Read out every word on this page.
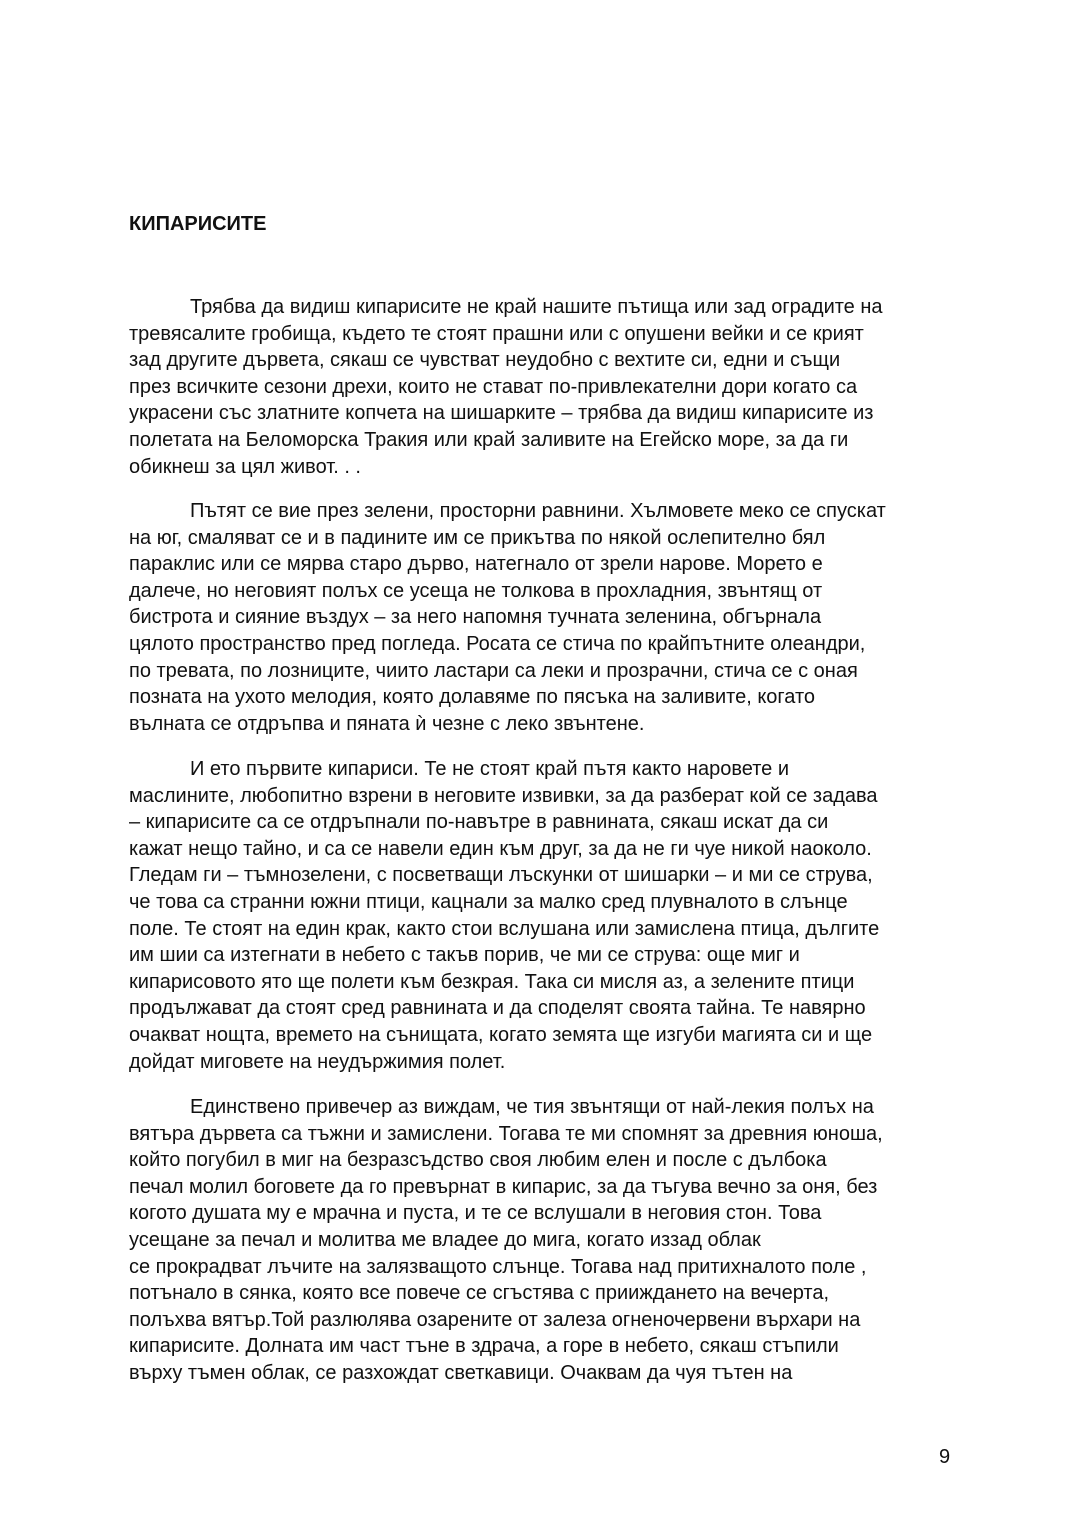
КИПАРИСИТЕ

Трябва да видиш кипарисите не край нашите пътища или зад оградите на
тревясалите гробища, където те стоят прашни или с опушени вейки и се крият
зад другите дървета, сякаш се чувстват неудобно с вехтите си, едни и същи
през всичките сезони дрехи, които не стават по-привлекателни дори когато са
украсени със златните копчета на шишарките – трябва да видиш кипарисите из
полетата на Беломорска Тракия или край заливите на Егейско море, за да ги
обикнеш за цял живот. . .

Пътят се вие през зелени, просторни равнини. Хълмовете меко се спускат
на юг, смаляват се и в падините им се прикътва по някой ослепително бял
параклис или се мярва старо дърво, натегнало от зрели нарове. Морето е
далече, но неговият полъх се усеща не толкова в прохладния, звънтящ от
бистрота и сияние въздух – за него напомня тучната зеленина, обгърнала
цялото пространство пред погледа. Росата се стича по крайпътните олеандри,
по тревата, по лозниците, чиито ластари са леки и прозрачни, стича се с оная
позната на ухото мелодия, която долавяме по пясъка на заливите, когато
вълната се отдръпва и пяната ѝ чезне с леко звънтене.

И ето първите кипариси. Те не стоят край пътя както наровете и
маслините, любопитно взрени в неговите извивки, за да разберат кой се задава
– кипарисите са се отдръпнали по-навътре в равнината, сякаш искат да си
кажат нещо тайно, и са се навели един към друг, за да не ги чуе никой наоколо.
Гледам ги – тъмнозелени, с посветващи лъскунки от шишарки – и ми се струва,
че това са странни южни птици, кацнали за малко сред плувналото в слънце
поле. Те стоят на един крак, както стои вслушана или замислена птица, дългите
им шии са изтегнати в небето с такъв порив, че ми се струва: още миг и
кипарисовото ято ще полети към безкрая. Така си мисля аз, а зелените птици
продължават да стоят сред равнината и да споделят своята тайна. Те навярно
очакват нощта, времето на сънищата, когато земята ще изгуби магията си и ще
дойдат миговете на неудържимия полет.

Единствено привечер аз виждам, че тия звънтящи от най-лекия полъх на
вятъра дървета са тъжни и замислени. Тогава те ми спомнят за древния юноша,
който погубил в миг на безразсъдство своя любим елен и после с дълбока
печал молил боговете да го превърнат в кипарис, за да тъгува вечно за оня, без
когото душата му е мрачна и пуста, и те се вслушали в неговия стон. Това
усещане за печал и молитва ме владее до мига, когато иззад облак
се прокрадват лъчите на залязващото слънце. Тогава над притихналото поле ,
потънало в сянка, която все повече се сгъстява с прииждането на вечерта,
полъхва вятър.Той разлюлява озарените от залеза огненочервени върхари на
кипарисите. Долната им част тъне в здрача, а горе в небето, сякаш стъпили
върху тъмен облак, се разхождат светкавици. Очаквам да чуя тътен на

9
